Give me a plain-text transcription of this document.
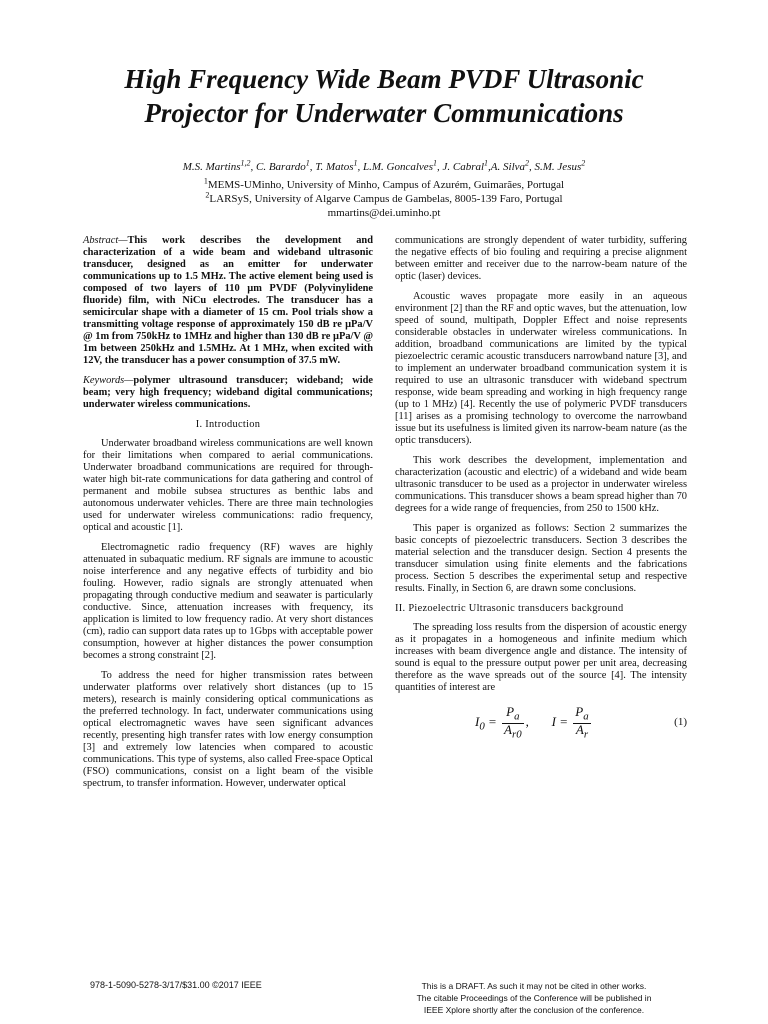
High Frequency Wide Beam PVDF Ultrasonic
Projector for Underwater Communications
M.S. Martins$^{1,2}$, C. Barardo$^1$, T. Matos$^1$, L.M. Goncalves$^1$, J. Cabral$^1$,A. Silva$^2$, S.M. Jesus$^2$
$^1$MEMS-UMinho, University of Minho, Campus of Azurém, Guimarães, Portugal
$^2$LARSyS, University of Algarve Campus de Gambelas, 8005-139 Faro, Portugal
mmartins@dei.uminho.pt

Abstract—This work describes the development and characterization of a wide beam and wideband ultrasonic transducer, designed as an emitter for underwater communications up to 1.5 MHz. The active element being used is composed of two layers of 110 µm PVDF (Polyvinylidene fluoride) film, with NiCu electrodes. The transducer has a semicircular shape with a diameter of 15 cm. Pool trials show a transmitting voltage response of approximately 150 dB re µPa/V @ 1m from 750kHz to 1MHz and higher than 130 dB re µPa/V @ 1m between 250kHz and 1.5MHz. At 1 MHz, when excited with 12V, the transducer has a power consumption of 37.5 mW.

Keywords—polymer ultrasound transducer; wideband; wide beam; very high frequency; wideband digital communications; underwater wireless communications.

I. Introduction

Underwater broadband wireless communications are well known for their limitations when compared to aerial communications. Underwater broadband communications are required for through-water high bit-rate communications for data gathering and control of permanent and mobile subsea structures as benthic labs and autonomous underwater vehicles. There are three main technologies used for underwater wireless communications: radio frequency, optical and acoustic [1].

Electromagnetic radio frequency (RF) waves are highly attenuated in subaquatic medium. RF signals are immune to acoustic noise interference and any negative effects of turbidity and bio fouling. However, radio signals are strongly attenuated when propagating through conductive medium and seawater is particularly conductive. Since, attenuation increases with frequency, its application is limited to low frequency radio. At very short distances (cm), radio can support data rates up to 1Gbps with acceptable power consumption, however at higher distances the power consumption becomes a strong constraint [2].

To address the need for higher transmission rates between underwater platforms over relatively short distances (up to 15 meters), research is mainly considering optical communications as the preferred technology. In fact, underwater communications using optical electromagnetic waves have seen significant advances recently, presenting high transfer rates with low energy consumption [3] and extremely low latencies when compared to acoustic communications. This type of systems, also called Free-space Optical (FSO) communications, consist on a light beam of the visible spectrum, to transfer information. However, underwater optical

communications are strongly dependent of water turbidity, suffering the negative effects of bio fouling and requiring a precise alignment between emitter and receiver due to the narrow-beam nature of the optic (laser) devices.

Acoustic waves propagate more easily in an aqueous environment [2] than the RF and optic waves, but the attenuation, low speed of sound, multipath, Doppler Effect and noise represents considerable obstacles in underwater wireless communications. In addition, broadband communications are limited by the typical piezoelectric ceramic acoustic transducers narrowband nature [3], and to implement an underwater broadband communication system it is required to use an ultrasonic transducer with wideband spectrum response, wide beam spreading and working in high frequency range (up to 1 MHz) [4]. Recently the use of polymeric PVDF transducers [11] arises as a promising technology to overcome the narrowband issue but its usefulness is limited given its narrow-beam nature (as the optic transducers).

This work describes the development, implementation and characterization (acoustic and electric) of a wideband and wide beam ultrasonic transducer to be used as a projector in underwater wireless communications. This transducer shows a beam spread higher than 70 degrees for a wide range of frequencies, from 250 to 1500 kHz.

This paper is organized as follows: Section 2 summarizes the basic concepts of piezoelectric transducers. Section 3 describes the material selection and the transducer design. Section 4 presents the transducer simulation using finite elements and the fabrications process. Section 5 describes the experimental setup and respective results. Finally, in Section 6, are drawn some conclusions.

II. Piezoelectric Ultrasonic transducers background

The spreading loss results from the dispersion of acoustic energy as it propagates in a homogeneous and infinite medium which increases with beam divergence angle and distance. The intensity of sound is equal to the pressure output power per unit area, decreasing therefore as the wave spreads out of the source [4]. The intensity quantities of interest are

$I_0 = \frac{P_a}{A_{r0}}$ ,       $I = \frac{P_a}{A_r}$	(1)
978-1-5090-5278-3/17/$31.00 ©2017 IEEE	This is a DRAFT. As such it may not be cited in other works.
The citable Proceedings of the Conference will be published in
IEEE Xplore shortly after the conclusion of the conference.
